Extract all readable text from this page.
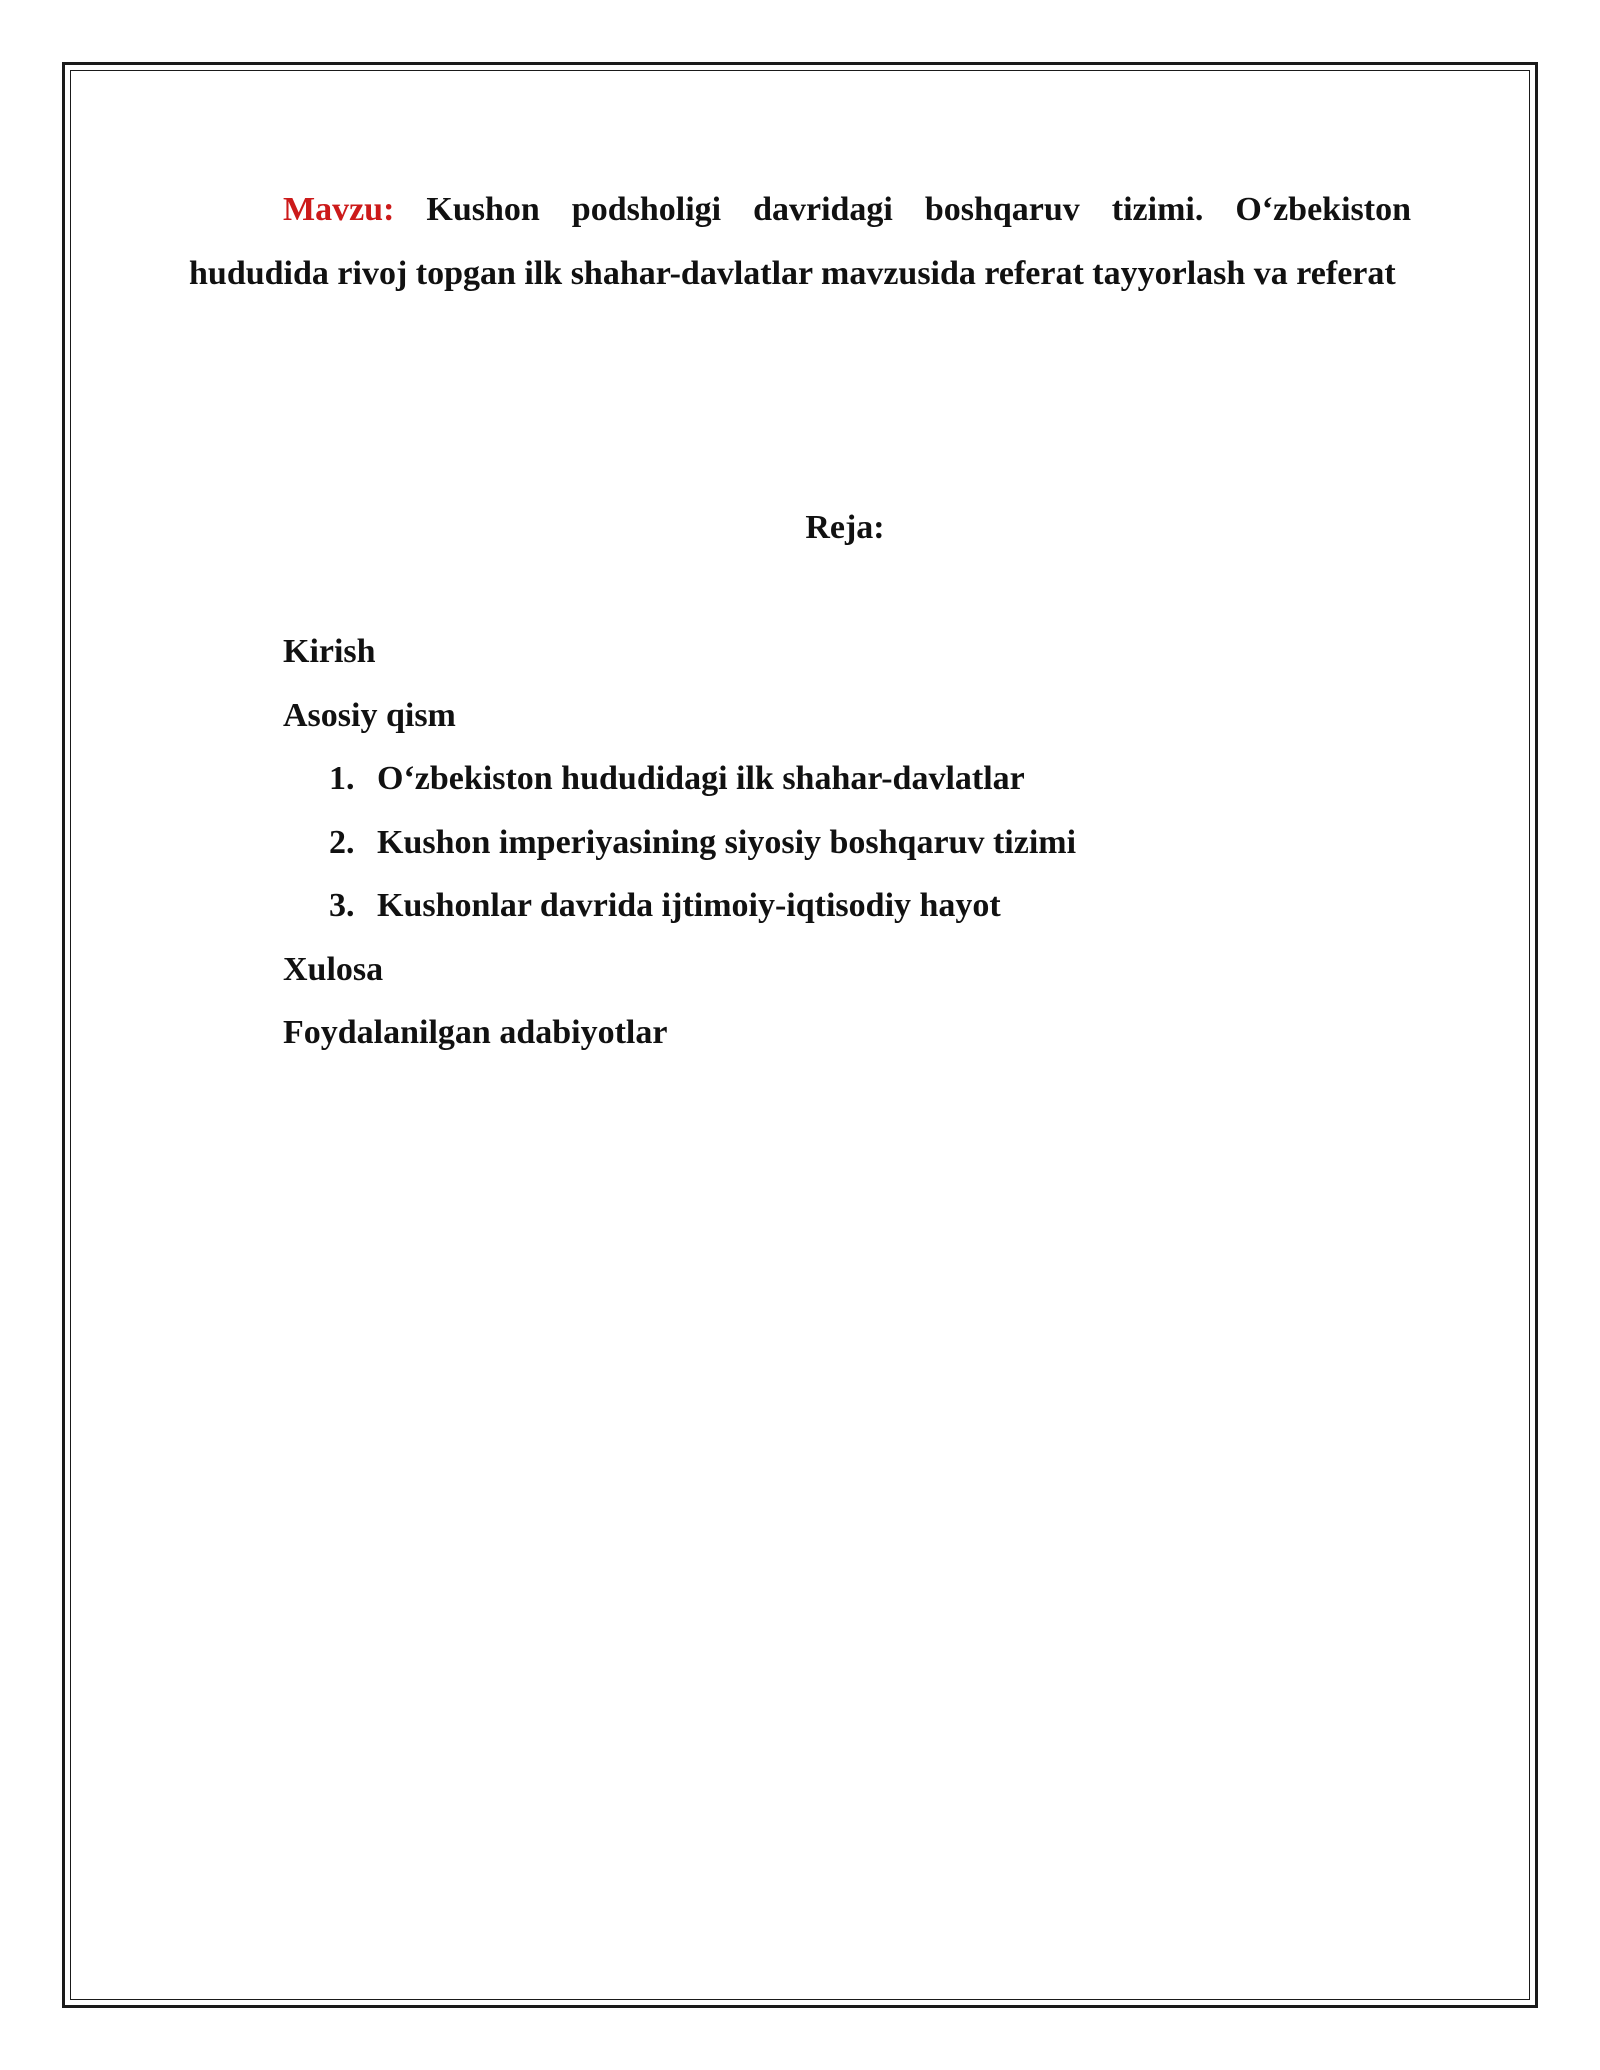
Mavzu: Kushon podsholigi davridagi boshqaruv tizimi. O‘zbekiston hududida rivoj topgan ilk shahar-davlatlar mavzusida referat tayyorlash va referat

Reja:
Kirish
Asosiy qism
1. O‘zbekiston hududidagi ilk shahar-davlatlar
2. Kushon imperiyasining siyosiy boshqaruv tizimi
3. Kushonlar davrida ijtimoiy-iqtisodiy hayot
Xulosa
Foydalanilgan adabiyotlar
